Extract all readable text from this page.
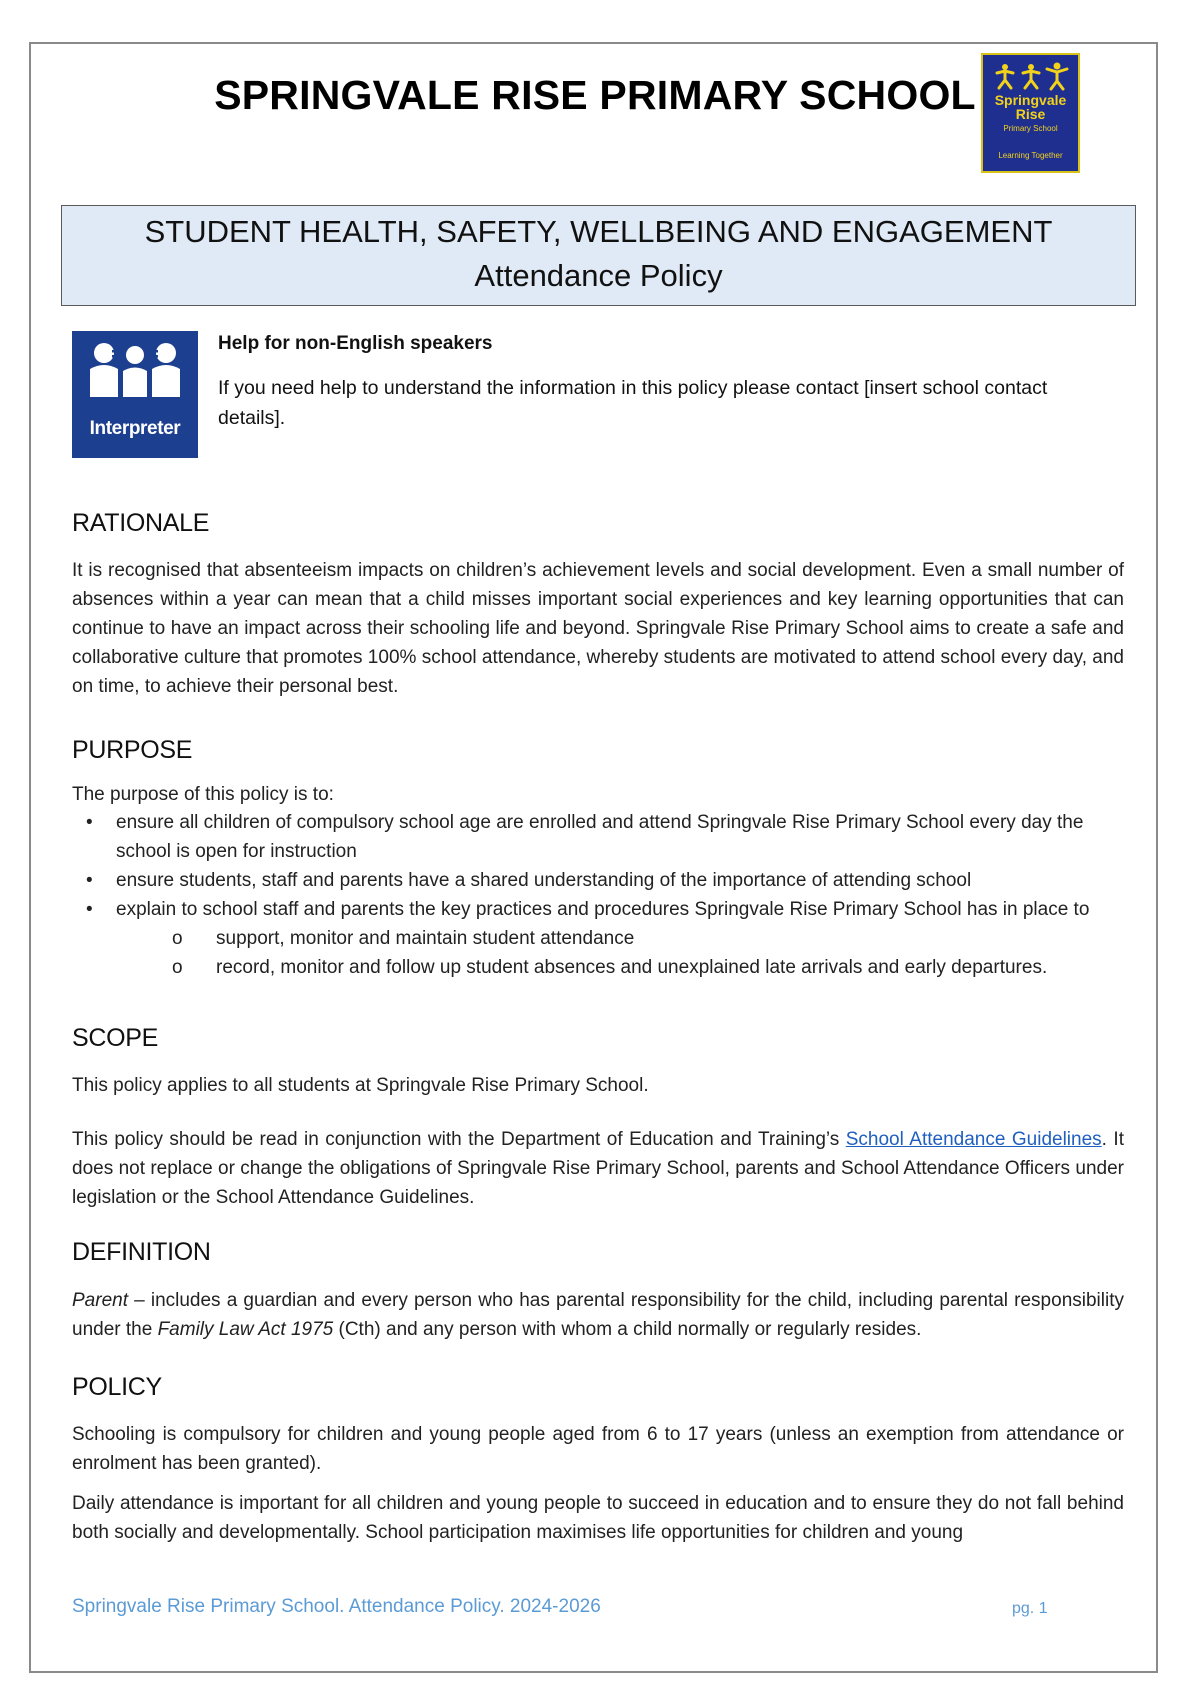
SPRINGVALE RISE PRIMARY SCHOOL	Springvale
Rise
Primary School
Learning Together
STUDENT HEALTH, SAFETY, WELLBEING AND ENGAGEMENT
Attendance Policy
Interpreter
Help for non-English speakers
If you need help to understand the information in this policy please contact [insert school contact details].
RATIONALE

It is recognised that absenteeism impacts on children’s achievement levels and social development. Even a small number of absences within a year can mean that a child misses important social experiences and key learning opportunities that can continue to have an impact across their schooling life and beyond. Springvale Rise Primary School aims to create a safe and collaborative culture that promotes 100% school attendance, whereby students are motivated to attend school every day, and on time, to achieve their personal best.

PURPOSE

The purpose of this policy is to:

• ensure all children of compulsory school age are enrolled and attend Springvale Rise Primary School every day the school is open for instruction
• ensure students, staff and parents have a shared understanding of the importance of attending school
• explain to school staff and parents the key practices and procedures Springvale Rise Primary School has in place to
o support, monitor and maintain student attendance
o record, monitor and follow up student absences and unexplained late arrivals and early departures.
SCOPE

This policy applies to all students at Springvale Rise Primary School.

This policy should be read in conjunction with the Department of Education and Training’s School Attendance Guidelines. It does not replace or change the obligations of Springvale Rise Primary School, parents and School Attendance Officers under legislation or the School Attendance Guidelines.

DEFINITION

Parent – includes a guardian and every person who has parental responsibility for the child, including parental responsibility under the Family Law Act 1975 (Cth) and any person with whom a child normally or regularly resides.

POLICY

Schooling is compulsory for children and young people aged from 6 to 17 years (unless an exemption from attendance or enrolment has been granted).

Daily attendance is important for all children and young people to succeed in education and to ensure they do not fall behind both socially and developmentally. School participation maximises life opportunities for children and young

Springvale Rise Primary School. Attendance Policy. 2024-2026	pg. 1
